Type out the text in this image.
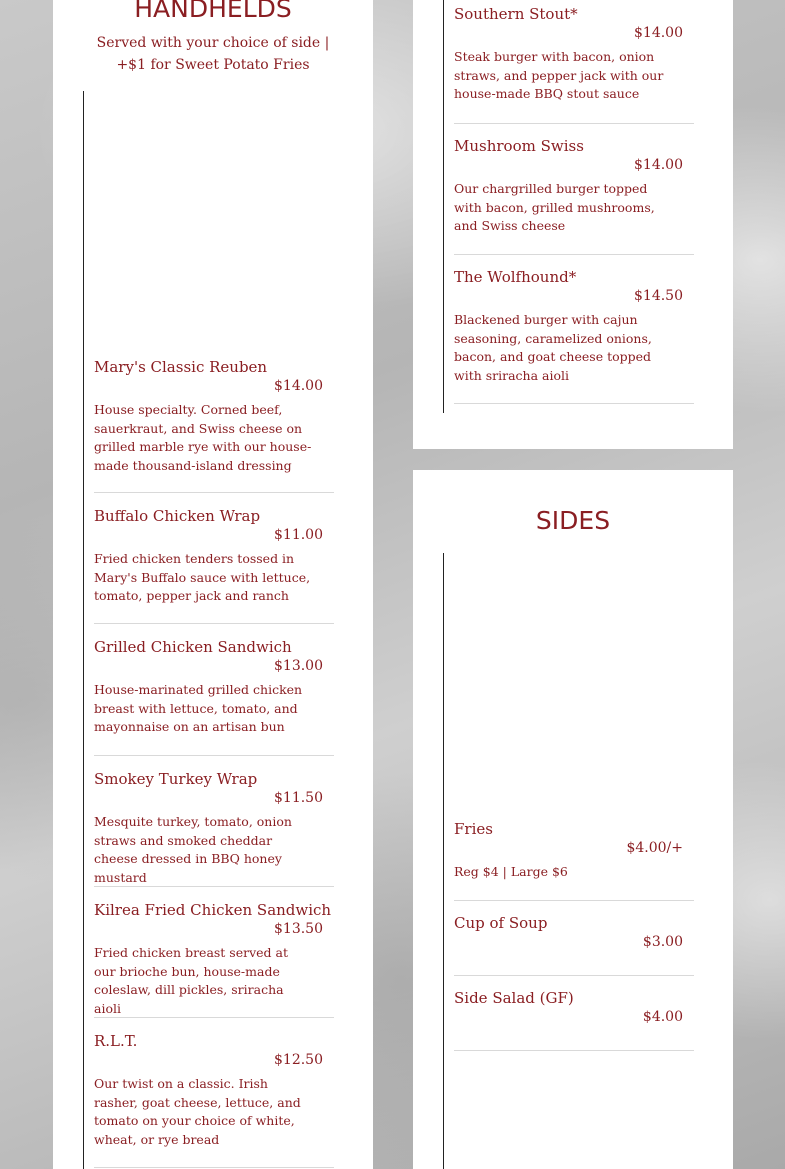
HANDHELDS

Served with your choice of side | +$1 for Sweet Potato Fries

Mary's Classic Reuben
$14.00

House specialty. Corned beef, sauerkraut, and Swiss cheese on grilled marble rye with our house-made thousand-island dressing

Buffalo Chicken Wrap
$11.00

Fried chicken tenders tossed in Mary's Buffalo sauce with lettuce, tomato, pepper jack and ranch

Grilled Chicken Sandwich
$13.00

House-marinated grilled chicken breast with lettuce, tomato, and mayonnaise on an artisan bun

Smokey Turkey Wrap
$11.50

Mesquite turkey, tomato, onion straws and smoked cheddar cheese dressed in BBQ honey mustard

Kilrea Fried Chicken Sandwich
$13.50

Fried chicken breast served at our brioche bun, house-made coleslaw, dill pickles, sriracha aioli

R.L.T.
$12.50

Our twist on a classic. Irish rasher, goat cheese, lettuce, and tomato on your choice of white, wheat, or rye bread

Southern Stout*
$14.00

Steak burger with bacon, onion straws, and pepper jack with our house-made BBQ stout sauce

Mushroom Swiss
$14.00

Our chargrilled burger topped with bacon, grilled mushrooms, and Swiss cheese

The Wolfhound*
$14.50

Blackened burger with cajun seasoning, caramelized onions, bacon, and goat cheese topped with sriracha aioli

SIDES
Fries
$4.00/+

Reg $4 | Large $6

Cup of Soup
$3.00
Side Salad (GF)
$4.00
